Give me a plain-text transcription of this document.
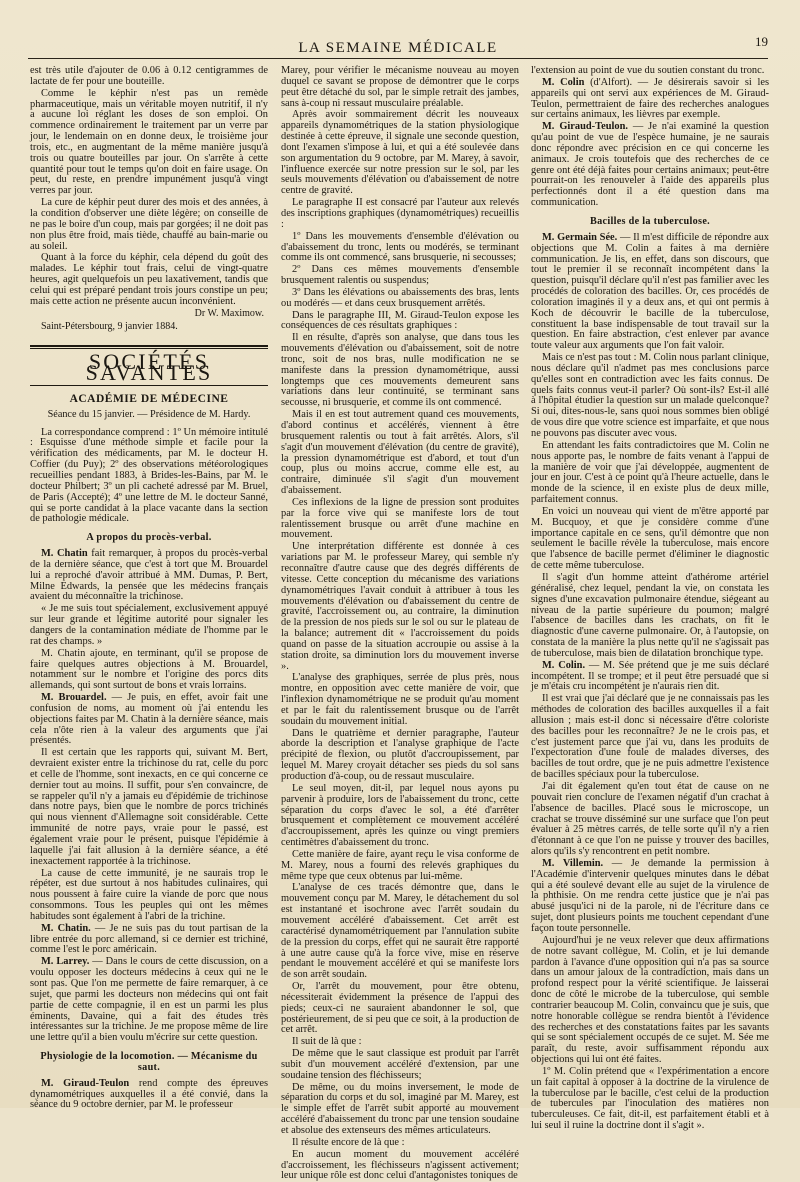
LA SEMAINE MÉDICALE	19

est très utile d'ajouter de 0.06 à 0.12 centigrammes de lactate de fer pour une bouteille.

Comme le képhir n'est pas un remède pharmaceutique, mais un véritable moyen nutritif, il n'y a aucune loi réglant les doses de son emploi. On commence ordinairement le traitement par un verre par jour, le lendemain on en donne deux, le troisième jour trois, etc., en augmentant de la même manière jusqu'à trois ou quatre bouteilles par jour. On s'arrête à cette quantité pour tout le temps qu'on doit en faire usage. On peut, du reste, en prendre impunément jusqu'à vingt verres par jour.

La cure de képhir peut durer des mois et des années, à la condition d'observer une diète légère; on conseille de ne pas le boire d'un coup, mais par gorgées; il ne doit pas non plus être froid, mais tiède, chauffé au bain-marie ou au soleil.

Quant à la force du képhir, cela dépend du goût des malades. Le képhir tout frais, celui de vingt-quatre heures, agit quelquefois un peu laxativement, tandis que celui qui est préparé pendant trois jours constipe un peu; mais cette action ne présente aucun inconvénient.

Dr W. Maximow.
Saint-Pétersbourg, 9 janvier 1884.
SOCIÉTÉS SAVANTES
ACADÉMIE DE MÉDECINE
Séance du 15 janvier. — Présidence de M. Hardy.

La correspondance comprend : 1º Un mémoire intitulé : Esquisse d'une méthode simple et facile pour la vérification des médicaments, par M. le docteur H. Coffier (du Puy); 2º des observations météorologiques recueillies pendant 1883, à Brides-les-Bains, par M. le docteur Philbert; 3º un pli cacheté adressé par M. Bruel, de Paris (Accepté); 4º une lettre de M. le docteur Sanné, qui se porte candidat à la place vacante dans la section de pathologie médicale.

A propos du procès-verbal.

M. Chatin fait remarquer, à propos du procès-verbal de la dernière séance, que c'est à tort que M. Brouardel lui a reproché d'avoir attribué à MM. Dumas, P. Bert, Milne Edwards, la pensée que les médecins français avaient du méconnaître la trichinose.

« Je me suis tout spécialement, exclusivement appuyé sur leur grande et légitime autorité pour signaler les dangers de la contamination médiate de l'homme par le rat des champs. »

M. Chatin ajoute, en terminant, qu'il se propose de faire quelques autres objections à M. Brouardel, notamment sur le nombre et l'origine des porcs dits allemands, qui sont surtout de bons et vrais lorrains.

M. Brouardel. — Je puis, en effet, avoir fait une confusion de noms, au moment où j'ai entendu les objections faites par M. Chatin à la dernière séance, mais cela n'ôte rien à la valeur des arguments que j'ai présentés.

Il est certain que les rapports qui, suivant M. Bert, devraient exister entre la trichinose du rat, celle du porc et celle de l'homme, sont inexacts, en ce qui concerne ce dernier tout au moins. Il suffit, pour s'en convaincre, de se rappeler qu'il n'y a jamais eu d'épidémie de trichinose dans notre pays, bien que le nombre de porcs trichinés qui nous viennent d'Allemagne soit considérable. Cette immunité de notre pays, vraie pour le passé, est également vraie pour le présent, puisque l'épidémie à laquelle j'ai fait allusion à la dernière séance, a été inexactement rapportée à la trichinose.

La cause de cette immunité, je ne saurais trop le répéter, est due surtout à nos habitudes culinaires, qui nous poussent à faire cuire la viande de porc que nous consommons. Tous les peuples qui ont les mêmes habitudes sont également à l'abri de la trichine.

M. Chatin. — Je ne suis pas du tout partisan de la libre entrée du porc allemand, si ce dernier est trichiné, comme l'est le porc américain.

M. Larrey. — Dans le cours de cette discussion, on a voulu opposer les docteurs médecins à ceux qui ne le sont pas. Que l'on me permette de faire remarquer, à ce sujet, que parmi les docteurs non médecins qui ont fait partie de cette compagnie, il en est un parmi les plus éminents, Davaine, qui a fait des études très intéressantes sur la trichine. Je me propose même de lire une lettre qu'il a bien voulu m'écrire sur cette question.

Physiologie de la locomotion. — Mécanisme du saut.

M. Giraud-Teulon rend compte des épreuves dynamométriques auxquelles il a été convié, dans la séance du 9 octobre dernier, par M. le professeur

Marey, pour vérifier le mécanisme nouveau au moyen duquel ce savant se propose de démontrer que le corps peut être détaché du sol, par le simple retrait des jambes, sans à-coup ni ressaut musculaire préalable.

Après avoir sommairement décrit les nouveaux appareils dynamométriques de la station physiologique destinée à cette épreuve, il signale une seconde question, dont l'examen s'impose à lui, et qui a été soulevée dans son argumentation du 9 octobre, par M. Marey, à savoir, l'influence exercée sur notre pression sur le sol, par les seuls mouvements d'élévation ou d'abaissement de notre centre de gravité.

Le paragraphe II est consacré par l'auteur aux relevés des inscriptions graphiques (dynamométriques) recueillis :

1º Dans les mouvements d'ensemble d'élévation ou d'abaissement du tronc, lents ou modérés, se terminant comme ils ont commencé, sans brusquerie, ni secousses;

2º Dans ces mêmes mouvements d'ensemble brusquement ralentis ou suspendus;

3º Dans les élévations ou abaissements des bras, lents ou modérés — et dans ceux brusquement arrêtés.

Dans le paragraphe III, M. Giraud-Teulon expose les conséquences de ces résultats graphiques :

Il en résulte, d'après son analyse, que dans tous les mouvements d'élévation ou d'abaissement, soit de notre tronc, soit de nos bras, nulle modification ne se manifeste dans la pression dynamométrique, aussi longtemps que ces mouvements demeurent sans variations dans leur continuité, se terminant sans secousse, ni brusquerie, et comme ils ont commencé.

Mais il en est tout autrement quand ces mouvements, d'abord continus et accélérés, viennent à être brusquement ralentis ou tout à fait arrêtés. Alors, s'il s'agit d'un mouvement d'élévation (du centre de gravité), la pression dynamométrique est d'abord, et tout d'un coup, plus ou moins accrue, comme elle est, au contraire, diminuée s'il s'agit d'un mouvement d'abaissement.

Ces inflexions de la ligne de pression sont produites par la force vive qui se manifeste lors de tout ralentissement brusque ou arrêt d'une machine en mouvement.

Une interprétation différente est donnée à ces variations par M. le professeur Marey, qui semble n'y reconnaître d'autre cause que des degrés différents de vitesse. Cette conception du mécanisme des variations dynamométriques l'avait conduit à attribuer à tous les mouvements d'élévation ou d'abaissement du centre de gravité, l'accroissement ou, au contraire, la diminution de la pression de nos pieds sur le sol ou sur le plateau de la balance; autrement dit « l'accroissement du poids quand on passe de la situation accroupie ou assise à la station droite, sa diminution lors du mouvement inverse ».

L'analyse des graphiques, serrée de plus près, nous montre, en opposition avec cette manière de voir, que l'inflexion dynamométrique ne se produit qu'au moment et par le fait du ralentissement brusque ou de l'arrêt soudain du mouvement initial.

Dans le quatrième et dernier paragraphe, l'auteur aborde la description et l'analyse graphique de l'acte précipité de flexion, ou plutôt d'accroupissement, par lequel M. Marey croyait détacher ses pieds du sol sans production d'à-coup, ou de ressaut musculaire.

Le seul moyen, dit-il, par lequel nous ayons pu parvenir à produire, lors de l'abaissement du tronc, cette séparation du corps d'avec le sol, a été d'arrêter brusquement et complètement ce mouvement accéléré d'accroupissement, après les quinze ou vingt premiers centimètres d'abaissement du tronc.

Cette manière de faire, ayant reçu le visa conforme de M. Marey, nous a fourni des relevés graphiques du même type que ceux obtenus par lui-même.

L'analyse de ces tracés démontre que, dans le mouvement conçu par M. Marey, le détachement du sol est instantané et isochrone avec l'arrêt soudain du mouvement accéléré d'abaissement. Cet arrêt est caractérisé dynamométriquement par l'annulation subite de la pression du corps, effet qui ne saurait être rapporté à une autre cause qu'à la force vive, mise en réserve pendant le mouvement accéléré et qui se manifeste lors de son arrêt soudain.

Or, l'arrêt du mouvement, pour être obtenu, nécessiterait évidemment la présence de l'appui des pieds; ceux-ci ne sauraient abandonner le sol, que postérieurement, de si peu que ce soit, à la production de cet arrêt.

Il suit de là que :

De même que le saut classique est produit par l'arrêt subit d'un mouvement accéléré d'extension, par une soudaine tension des fléchisseurs;

De même, ou du moins inversement, le mode de séparation du corps et du sol, imaginé par M. Marey, est le simple effet de l'arrêt subit apporté au mouvement accéléré d'abaissement du tronc par une tension soudaine et absolue des extenseurs des mêmes articulateurs.

Il résulte encore de là que :

En aucun moment du mouvement accéléré d'accroissement, les fléchisseurs n'agissent activement; leur unique rôle est donc celui d'antagonistes toniques de

l'extension au point de vue du soutien constant du tronc.

M. Colin (d'Alfort). — Je désirerais savoir si les appareils qui ont servi aux expériences de M. Giraud-Teulon, permettraient de faire des recherches analogues sur certains animaux, les lièvres par exemple.

M. Giraud-Teulon. — Je n'ai examiné la question qu'au point de vue de l'espèce humaine, je ne saurais donc répondre avec précision en ce qui concerne les animaux. Je crois toutefois que des recherches de ce genre ont été déjà faites pour certains animaux; peut-être pourrait-on les renouveler à l'aide des appareils plus perfectionnés dont il a été question dans ma communication.

Bacilles de la tuberculose.

M. Germain Sée. — Il m'est difficile de répondre aux objections que M. Colin a faites à ma dernière communication. Je lis, en effet, dans son discours, que tout le premier il se reconnaît incompétent dans la question, puisqu'il déclare qu'il n'est pas familier avec les procédés de coloration des bacilles. Or, ces procédés de coloration imaginés il y a deux ans, et qui ont permis à Koch de découvrir le bacille de la tuberculose, constituent la base indispensable de tout travail sur la question. En faire abstraction, c'est enlever par avance toute valeur aux arguments que l'on fait valoir.

Mais ce n'est pas tout : M. Colin nous parlant clinique, nous déclare qu'il n'admet pas mes conclusions parce qu'elles sont en contradiction avec les faits connus. De quels faits connus veut-il parler? Où sont-ils? Est-il allé à l'hôpital étudier la question sur un malade quelconque? Si oui, dites-nous-le, sans quoi nous sommes bien obligé de vous dire que votre science est imparfaite, et que nous ne pouvons pas discuter avec vous.

En attendant les faits contradictoires que M. Colin ne nous apporte pas, le nombre de faits venant à l'appui de la manière de voir que j'ai développée, augmentent de jour en jour. C'est à ce point qu'à l'heure actuelle, dans le monde de la science, il en existe plus de deux mille, parfaitement connus.

En voici un nouveau qui vient de m'être apporté par M. Bucquoy, et que je considère comme d'une importance capitale en ce sens, qu'il démontre que non seulement le bacille révèle la tuberculose, mais encore que l'absence de bacille permet d'éliminer le diagnostic de cette même tuberculose.

Il s'agit d'un homme atteint d'athérome artériel généralisé, chez lequel, pendant la vie, on constata les signes d'une excavation pulmonaire étendue, siégeant au niveau de la partie supérieure du poumon; malgré l'absence de bacilles dans les crachats, on fit le diagnostic d'une caverne pulmonaire. Or, à l'autopsie, on constata de la manière la plus nette qu'il ne s'agissait pas de tuberculose, mais bien de dilatation bronchique type.

M. Colin. — M. Sée prétend que je me suis déclaré incompétent. Il se trompe; et il peut être persuadé que si je m'étais cru incompétent je n'aurais rien dit.

Il est vrai que j'ai déclaré que je ne connaissais pas les méthodes de coloration des bacilles auxquelles il a fait allusion ; mais est-il donc si nécessaire d'être coloriste des bacilles pour les reconnaître? Je ne le crois pas, et c'est justement parce que j'ai vu, dans les produits de l'expectoration d'une foule de malades diverses, des bacilles de tout ordre, que je ne puis admettre l'existence de bacilles spéciaux pour la tuberculose.

J'ai dit également qu'en tout état de cause on ne pouvait rien conclure de l'examen négatif d'un crachat à l'absence de bacilles. Placé sous le microscope, un crachat se trouve disséminé sur une surface que l'on peut évaluer à 25 mètres carrés, de telle sorte qu'il n'y a rien d'étonnant à ce que l'on ne puisse y trouver des bacilles, alors qu'ils s'y rencontrent en petit nombre.

M. Villemin. — Je demande la permission à l'Académie d'intervenir quelques minutes dans le débat qui a été soulevé devant elle au sujet de la virulence de la phthisie. On me rendra cette justice que je n'ai pas abusé jusqu'ici ni de la parole, ni de l'écriture dans ce sujet, dont plusieurs points me touchent cependant d'une façon toute personnelle.

Aujourd'hui je ne veux relever que deux affirmations de notre savant collègue, M. Colin, et je lui demande pardon à l'avance d'une opposition qui n'a pas sa source dans un amour jaloux de la contradiction, mais dans un profond respect pour la vérité scientifique. Je laisserai donc de côté le microbe de la tuberculose, qui semble contrarier beaucoup M. Colin, convaincu que je suis, que notre honorable collègue se rendra bientôt à l'évidence des recherches et des constatations faites par les savants qui se sont spécialement occupés de ce sujet. M. Sée me paraît, du reste, avoir suffisamment répondu aux objections qui lui ont été faites.

1º M. Colin prétend que « l'expérimentation a encore un fait capital à opposer à la doctrine de la virulence de la tuberculose par le bacille, c'est celui de la production de tubercules par l'inoculation des matières non tuberculeuses. Ce fait, dit-il, est parfaitement établi et à lui seul il ruine la doctrine dont il s'agit ».
